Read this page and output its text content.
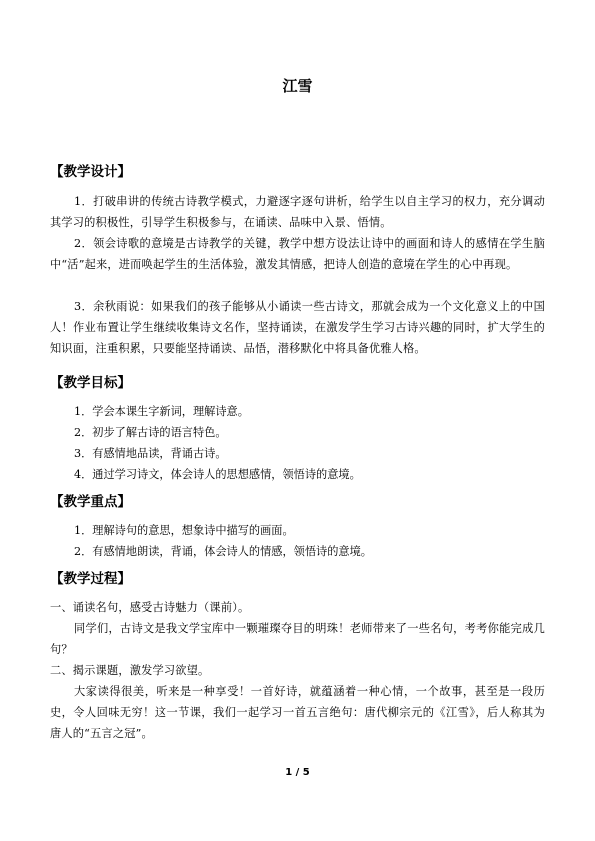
江雪
【教学设计】
1．打破串讲的传统古诗教学模式，力避逐字逐句讲析，给学生以自主学习的权力，充分调动其学习的积极性，引导学生积极参与，在诵读、品味中入景、悟情。
2．领会诗歌的意境是古诗教学的关键，教学中想方设法让诗中的画面和诗人的感情在学生脑中“活”起来，进而唤起学生的生活体验，激发其情感，把诗人创造的意境在学生的心中再现。
3．余秋雨说：如果我们的孩子能够从小诵读一些古诗文，那就会成为一个文化意义上的中国人！作业布置让学生继续收集诗文名作，坚持诵读，在激发学生学习古诗兴趣的同时，扩大学生的知识面，注重积累，只要能坚持诵读、品悟，潜移默化中将具备优雅人格。
【教学目标】
1．学会本课生字新词，理解诗意。
2．初步了解古诗的语言特色。
3．有感情地品读，背诵古诗。
4．通过学习诗文，体会诗人的思想感情，领悟诗的意境。
【教学重点】
1．理解诗句的意思，想象诗中描写的画面。
2．有感情地朗读，背诵，体会诗人的情感，领悟诗的意境。
【教学过程】
一、诵读名句，感受古诗魅力（课前）。
同学们，古诗文是我文学宝库中一颗璀璨夺目的明珠！老师带来了一些名句，考考你能完成几句？
二、揭示课题，激发学习欲望。
大家读得很美，听来是一种享受！一首好诗，就蕴涵着一种心情，一个故事，甚至是一段历史，令人回味无穷！这一节课，我们一起学习一首五言绝句：唐代柳宗元的《江雪》，后人称其为唐人的“五言之冠”。
1 / 5
